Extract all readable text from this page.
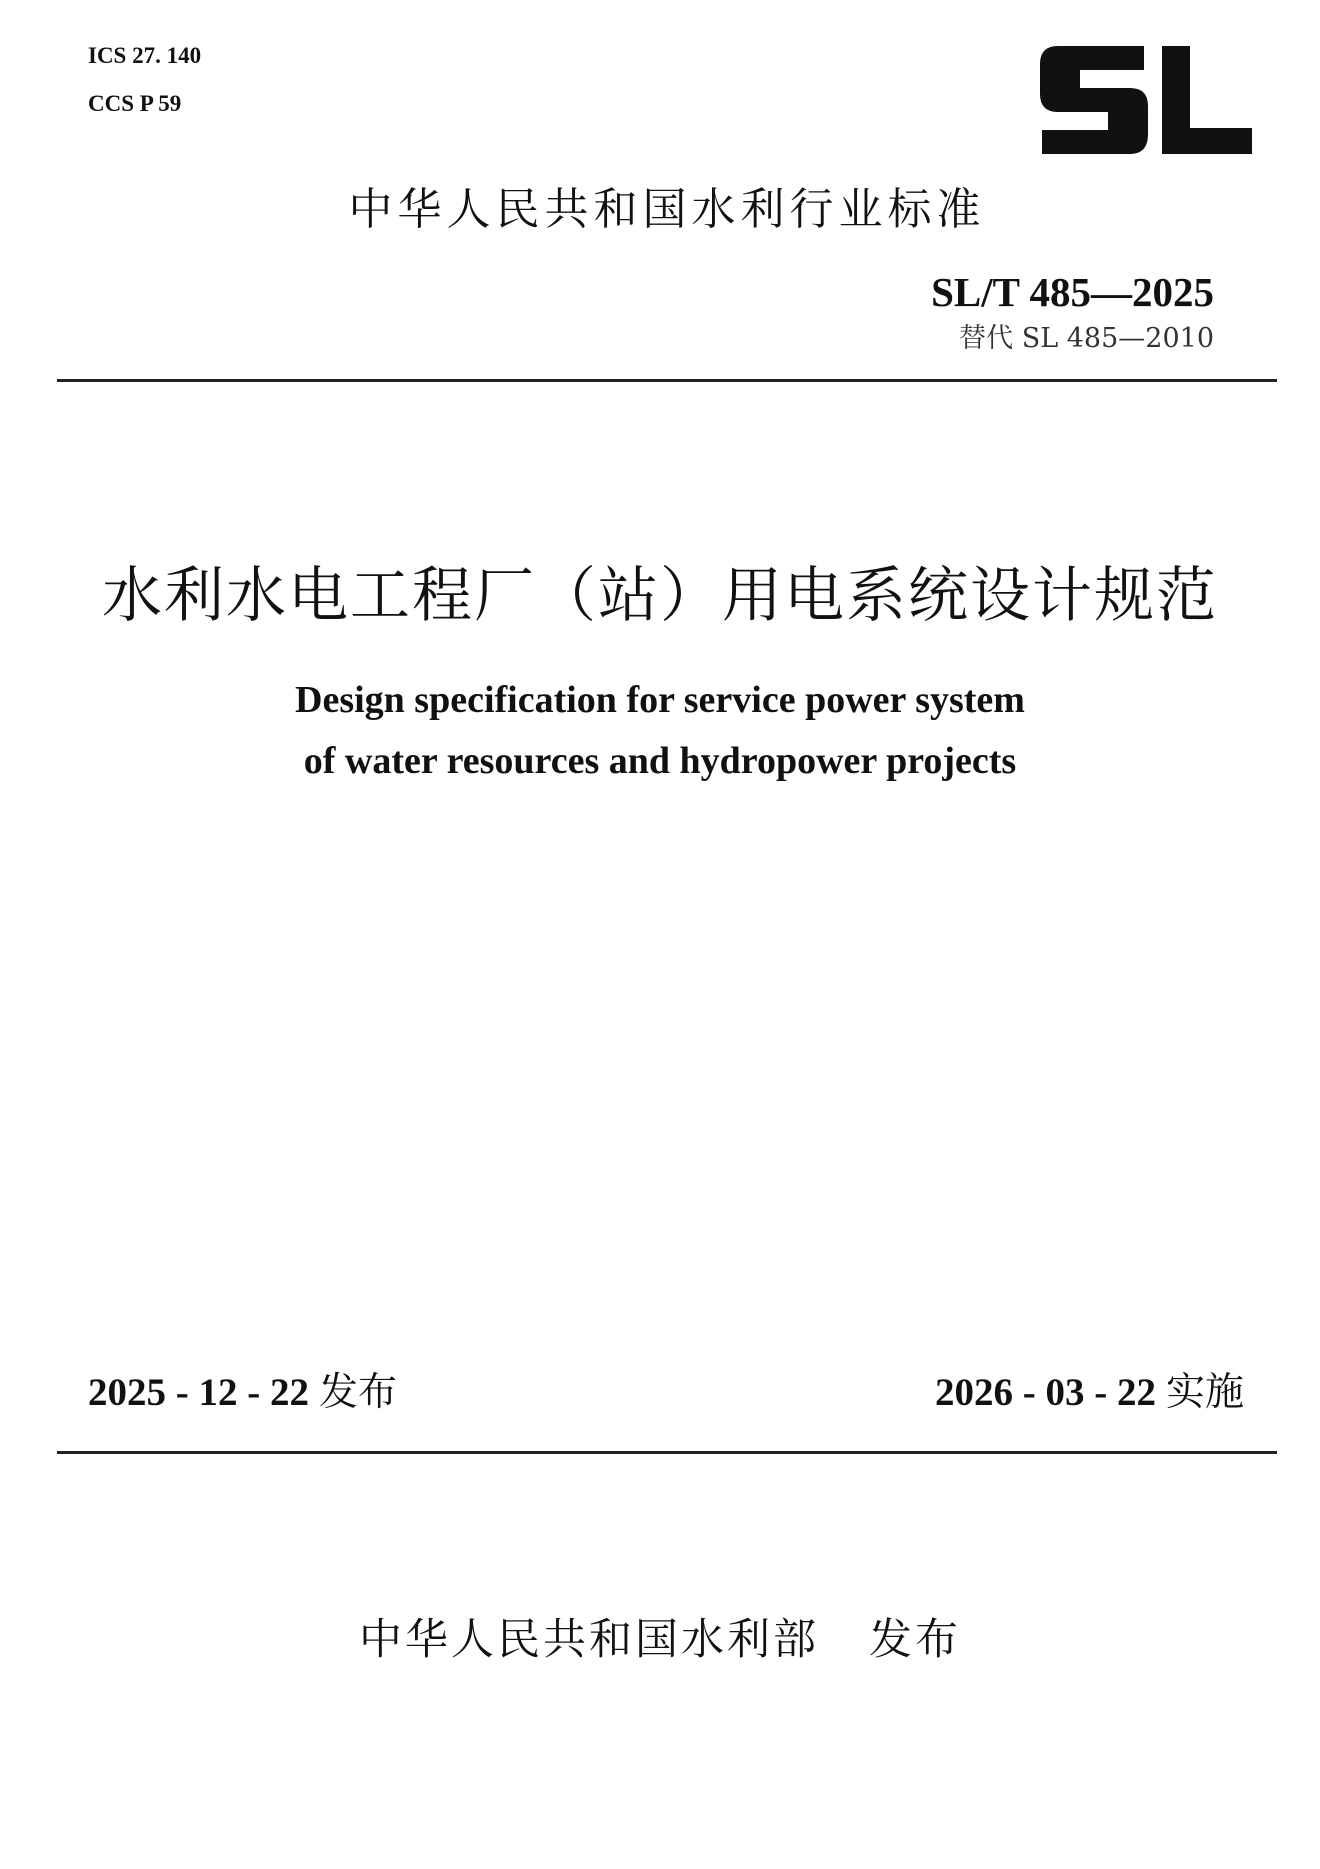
ICS 27. 140
CCS P 59
中华人民共和国水利行业标准
SL/T 485—2025
替代 SL 485—2010
水利水电工程厂（站）用电系统设计规范
Design specification for service power system
of water resources and hydropower projects
2025 - 12 - 22 发布	2026 - 03 - 22 实施
中华人民共和国水利部 发布
